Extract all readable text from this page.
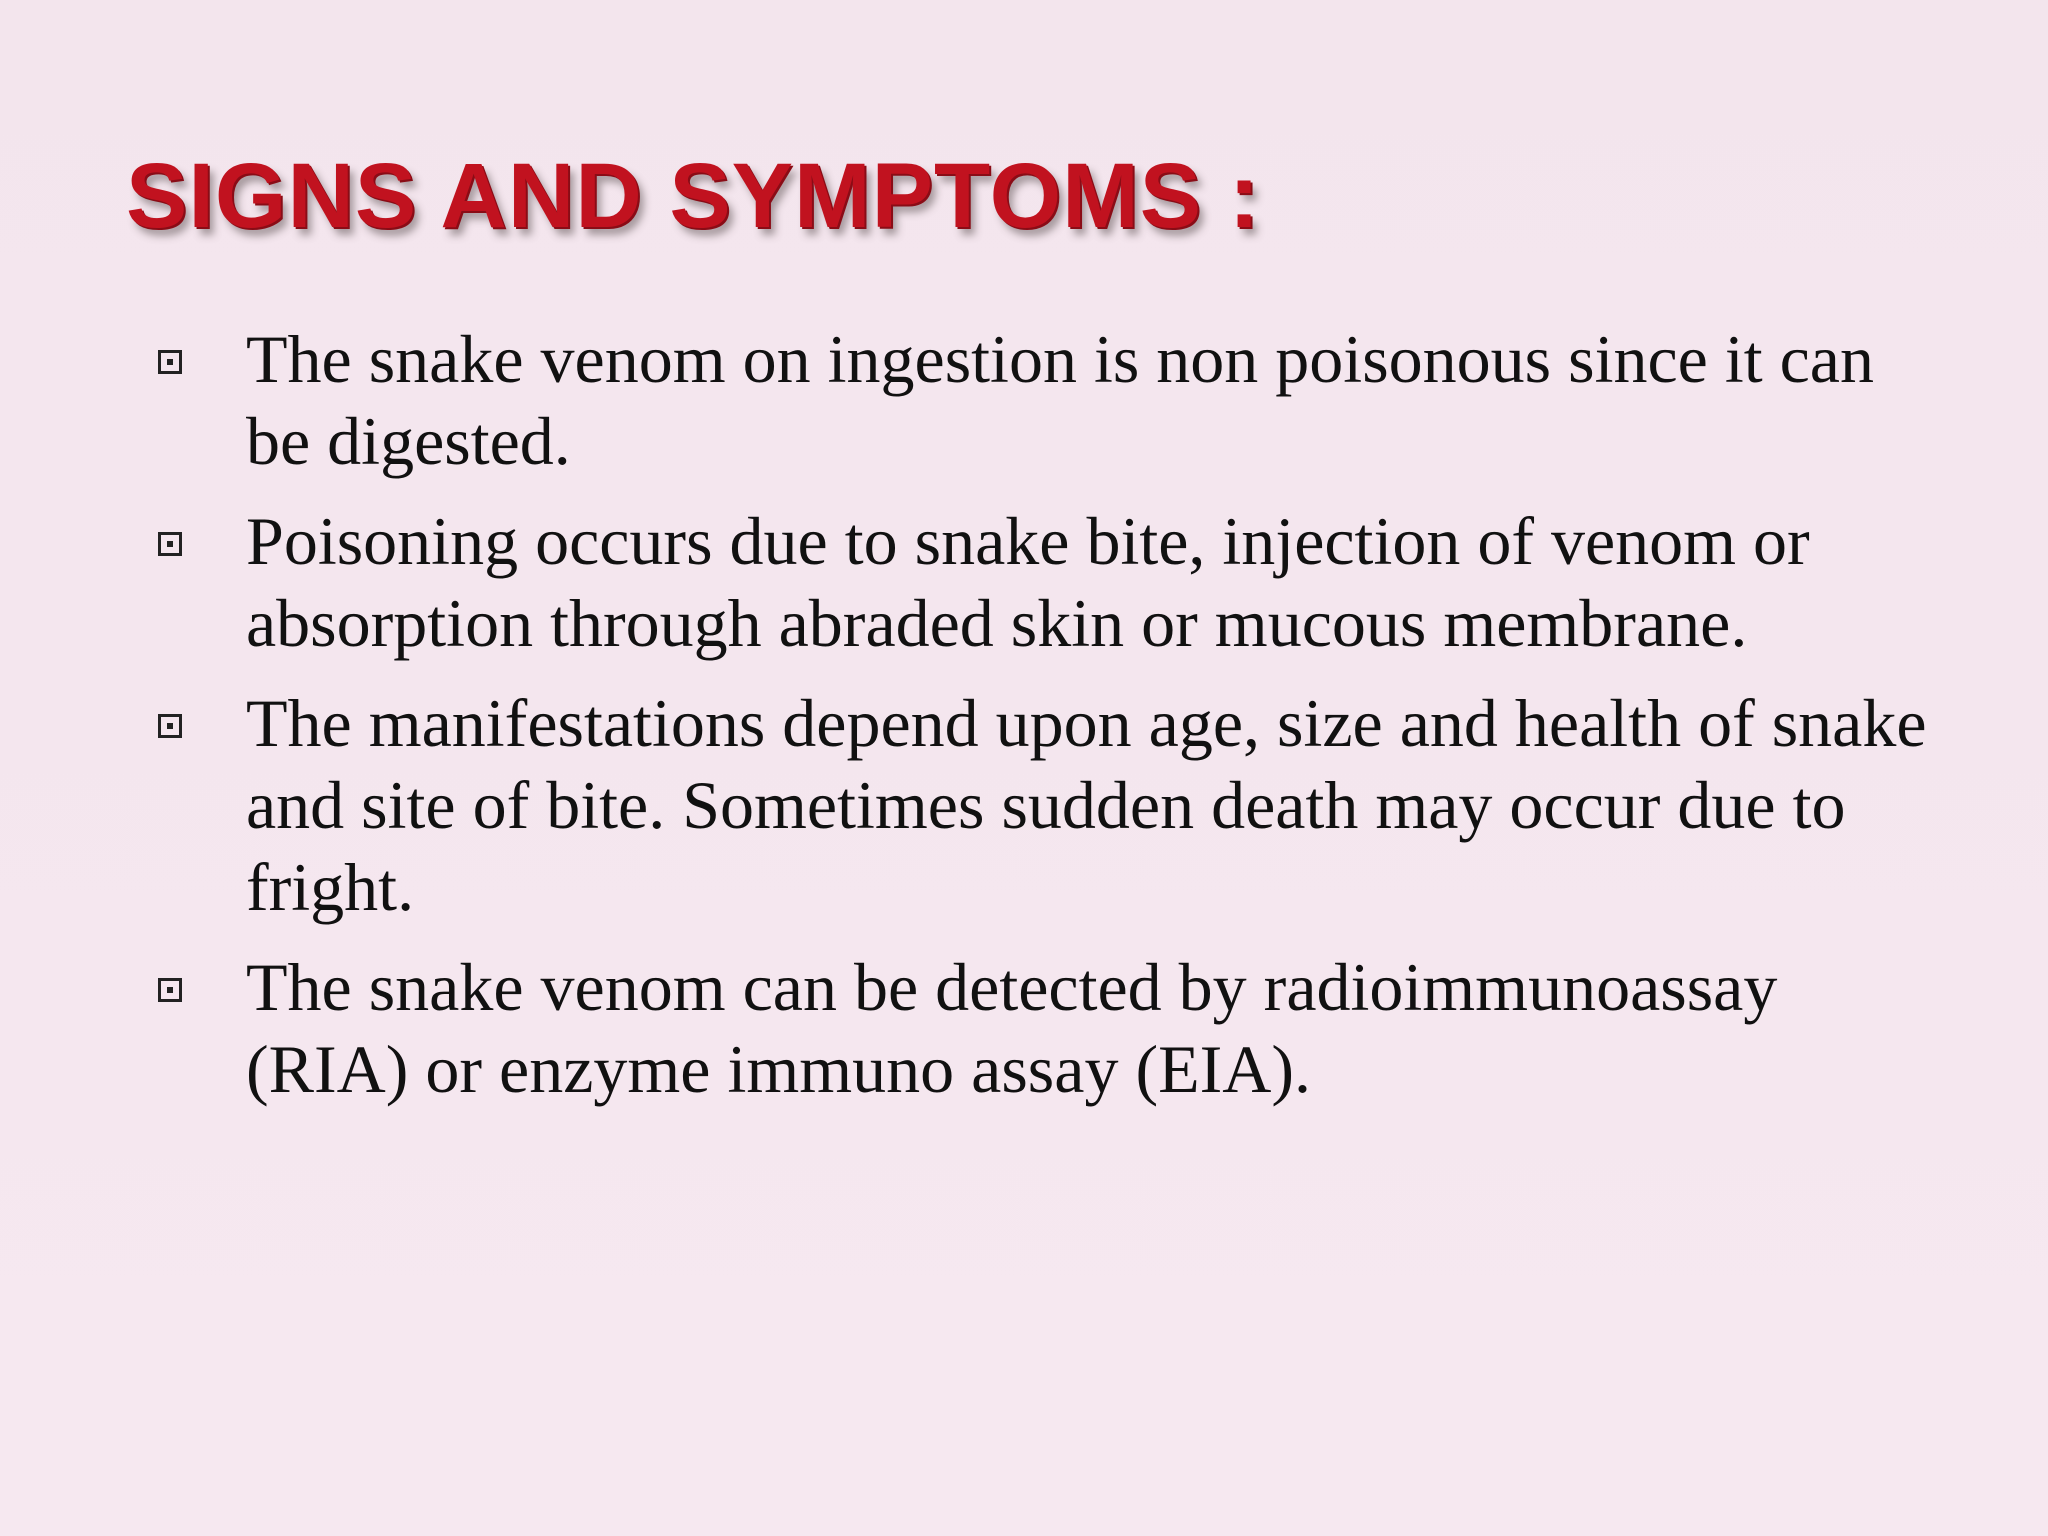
SIGNS AND SYMPTOMS :
The snake venom on ingestion is non poisonous since it can be digested.
Poisoning occurs due to snake bite, injection of venom or absorption through abraded skin or mucous membrane.
The manifestations depend upon age, size and health of snake and site of bite. Sometimes sudden death may occur due to fright.
The snake venom can be detected by radioimmunoassay (RIA) or enzyme immuno assay (EIA).
